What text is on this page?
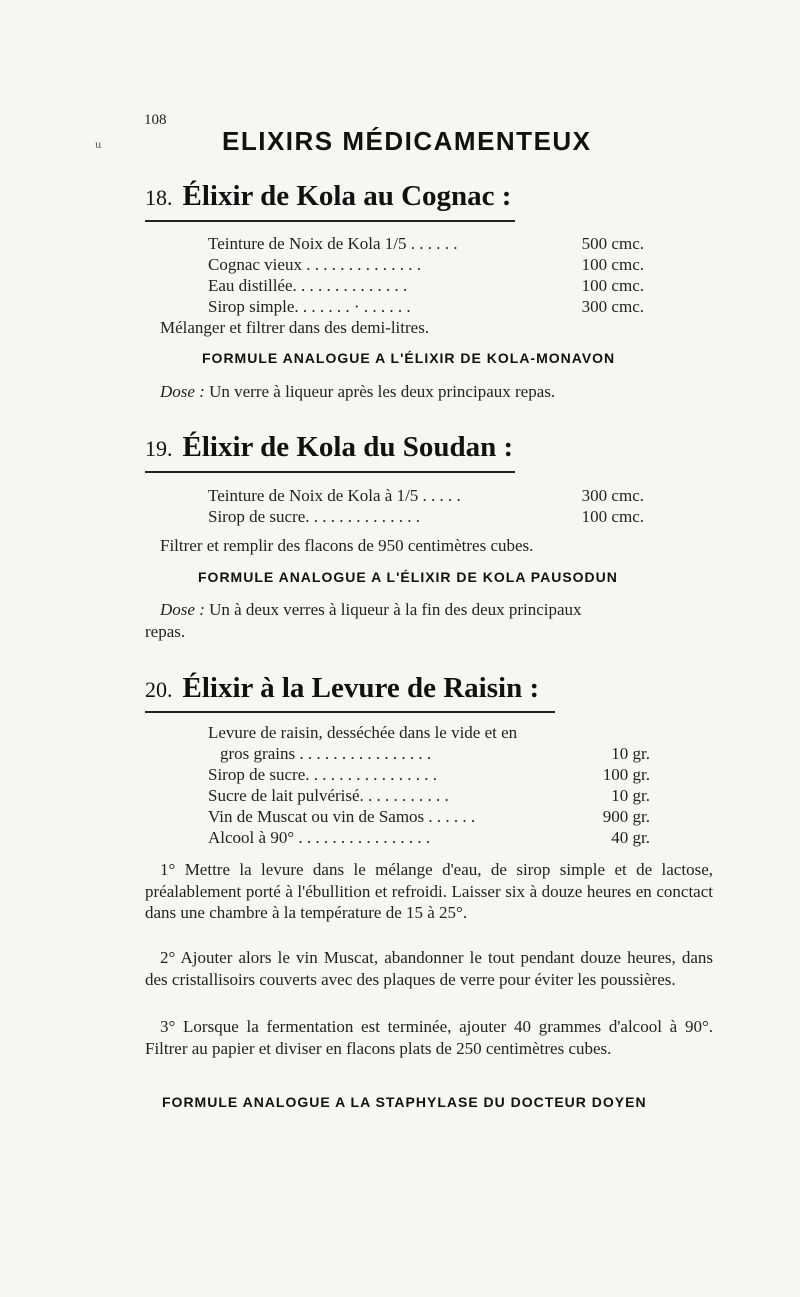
108
u	ELIXIRS MÉDICAMENTEUX
18. Élixir de Kola au Cognac :
Teinture de Noix de Kola 1/5 . . . . . .	500 cmc.
Cognac vieux . . . . . . . . . . . . . .	100 cmc.
Eau distillée. . . . . . . . . . . . . .	100 cmc.
Sirop simple. . . . . . . · . . . . . .	300 cmc.
Mélanger et filtrer dans des demi-litres.
FORMULE ANALOGUE A L'ÉLIXIR DE KOLA-MONAVON
Dose : Un verre à liqueur après les deux principaux repas.
19. Élixir de Kola du Soudan :
Teinture de Noix de Kola à 1/5 . . . . .	300 cmc.
Sirop de sucre. . . . . . . . . . . . . .	100 cmc.
Filtrer et remplir des flacons de 950 centimètres cubes.
FORMULE ANALOGUE A L'ÉLIXIR DE KOLA PAUSODUN
Dose : Un à deux verres à liqueur à la fin des deux principaux
repas.
20. Élixir à la Levure de Raisin :
Levure de raisin, desséchée dans le vide et en
gros grains . . . . . . . . . . . . . . . .	10 gr.
Sirop de sucre. . . . . . . . . . . . . . . .	100 gr.
Sucre de lait pulvérisé. . . . . . . . . . .	10 gr.
Vin de Muscat ou vin de Samos . . . . . .	900 gr.
Alcool à 90° . . . . . . . . . . . . . . . .	40 gr.
1° Mettre la levure dans le mélange d'eau, de sirop simple et de lactose, préalablement porté à l'ébullition et refroidi. Laisser six à douze heures en conctact dans une chambre à la température de 15 à 25°.
2° Ajouter alors le vin Muscat, abandonner le tout pendant douze heures, dans des cristallisoirs couverts avec des plaques de verre pour éviter les poussières.
3° Lorsque la fermentation est terminée, ajouter 40 grammes d'alcool à 90°. Filtrer au papier et diviser en flacons plats de 250 centimètres cubes.
FORMULE ANALOGUE A LA STAPHYLASE DU DOCTEUR DOYEN
